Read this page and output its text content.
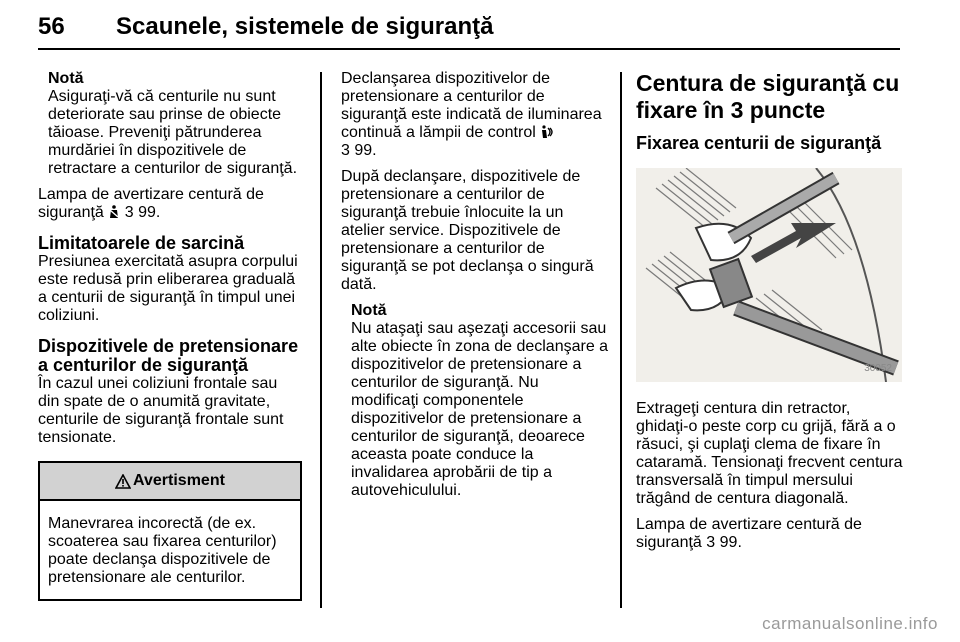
56 Scaunele, sistemele de siguranţă
Notă
Asiguraţi-vă că centurile nu sunt deteriorate sau prinse de obiecte tăioase. Preveniţi pătrunderea murdăriei în dispozitivele de retractare a centurilor de siguranţă.

Lampa de avertizare centură de siguranţă 3 99.

Limitatoarele de sarcină

Presiunea exercitată asupra corpului este redusă prin eliberarea graduală a centurii de siguranţă în timpul unei coliziuni.

Dispozitivele de pretensionare a centurilor de siguranţă

În cazul unei coliziuni frontale sau din spate de o anumită gravitate, centurile de siguranţă frontale sunt tensionate.

Avertisment
Manevrarea incorectă (de ex. scoaterea sau fixarea centurilor) poate declanşa dispozitivele de pretensionare ale centurilor.

Declanşarea dispozitivelor de pretensionare a centurilor de siguranţă este indicată de iluminarea continuă a lămpii de control
3 99.

După declanşare, dispozitivele de pretensionare a centurilor de siguranţă trebuie înlocuite la un atelier service. Dispozitivele de pretensionare a centurilor de siguranţă se pot declanşa o singură dată.

Notă
Nu ataşaţi sau aşezaţi accesorii sau alte obiecte în zona de declanşare a dispozitivelor de pretensionare a centurilor de siguranţă. Nu modificaţi componentele dispozitivelor de pretensionare a centurilor de siguranţă, deoarece aceasta poate conduce la invalidarea aprobării de tip a autovehiculului.
Centura de siguranţă cu fixare în 3 puncte
Fixarea centurii de siguranţă
30052

Extrageţi centura din retractor, ghidaţi-o peste corp cu grijă, fără a o răsuci, şi cuplaţi clema de fixare în cataramă. Tensionaţi frecvent centura transversală în timpul mersului trăgând de centura diagonală.

Lampa de avertizare centură de siguranţă 3 99.

carmanualsonline.info
